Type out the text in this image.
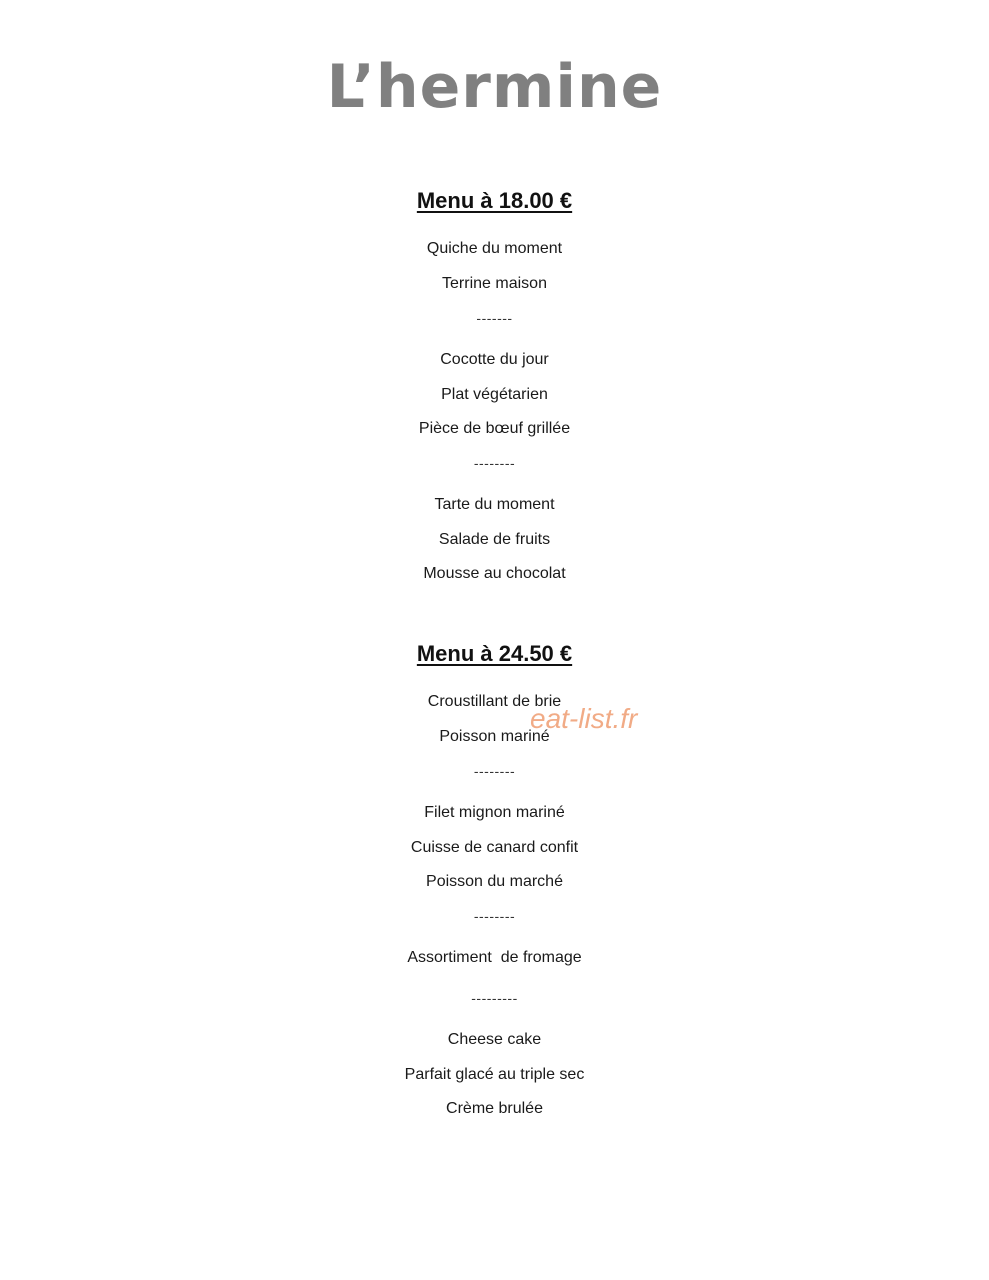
L’hermine
Menu à 18.00 €
Quiche du moment
Terrine maison
-------
Cocotte du jour
Plat végétarien
Pièce de bœuf grillée
--------
Tarte du moment
Salade de fruits
Mousse au chocolat
Menu à 24.50 €
Croustillant de brie
Poisson mariné
--------
Filet mignon mariné
Cuisse de canard confit
Poisson du marché
--------
Assortiment  de fromage
---------
Cheese cake
Parfait glacé au triple sec
Crème brulée
eat-list.fr
